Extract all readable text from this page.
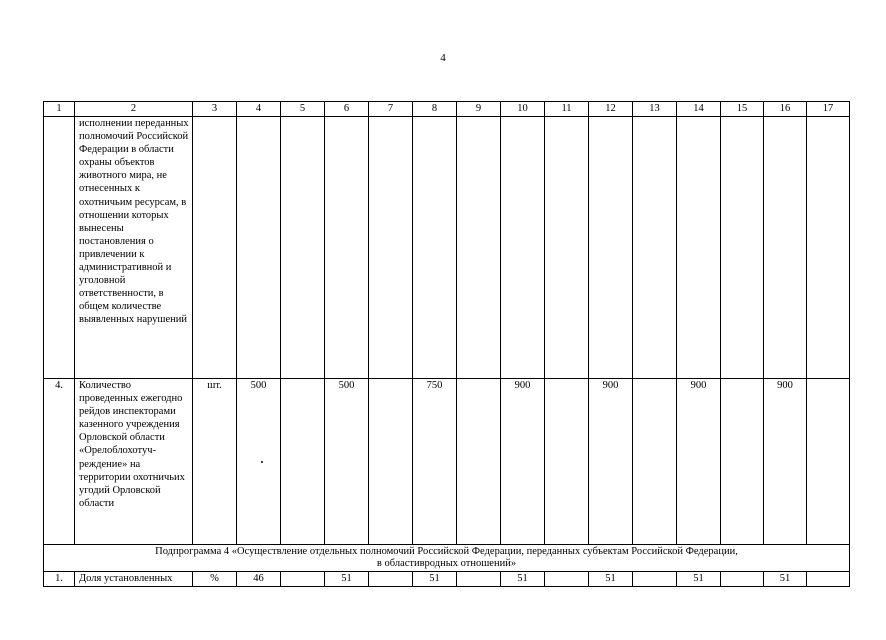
4
1	2	3	4	5	6	7	8	9	10	11	12	13	14	15	16	17
	исполнении переданных полномочий Российской Федерации в области охраны объектов животного мира, не отнесенных к охотничьим ресурсам, в отношении которых вынесены постановления о привлечении к административной и уголовной ответственности, в общем количестве выявленных нарушений															
4.	Количество проведенных ежегодно рейдов инспекторами казенного учреждения Орловской области «Орелоблохотуч-реждение» на территории охотничьих угодий Орловской области	шт.	500		500		750		900		900		900		900	

Подпрограмма 4 «Осуществление отдельных полномочий Российской Федерации, переданных субъектам Российской Федерации,
в областивродных отношений»																

1.	Доля установленных	%	46		51		51		51		51		51		51	
